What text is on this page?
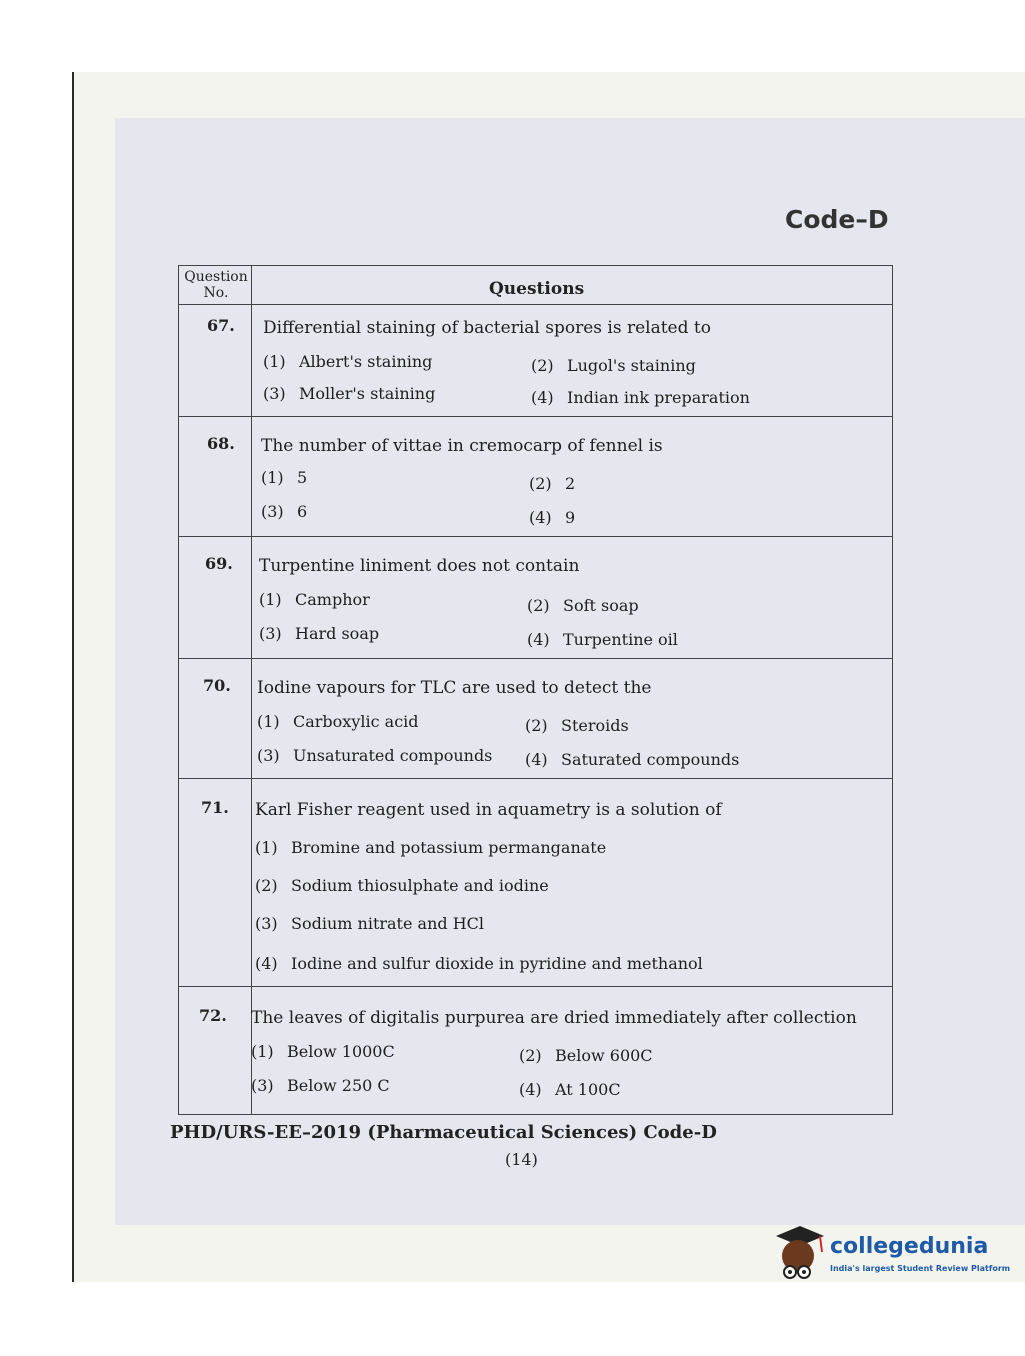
Code–D
Question No.	Questions
67. Differential staining of bacterial spores is related to
(1) Albert's staining	(2) Lugol's staining
(3) Moller's staining	(4) Indian ink preparation
68. The number of vittae in cremocarp of fennel is
(1) 5	(2) 2
(3) 6	(4) 9
69. Turpentine liniment does not contain
(1) Camphor	(2) Soft soap
(3) Hard soap	(4) Turpentine oil
70. Iodine vapours for TLC are used to detect the
(1) Carboxylic acid	(2) Steroids
(3) Unsaturated compounds (4) Saturated compounds
71. Karl Fisher reagent used in aquametry is a solution of
(1) Bromine and potassium permanganate
(2) Sodium thiosulphate and iodine
(3) Sodium nitrate and HCl
(4) Iodine and sulfur dioxide in pyridine and methanol
72. The leaves of digitalis purpurea are dried immediately after collection
(1) Below 1000C	(2) Below 600C
(3) Below 250 C	(4) At 100C
PHD/URS-EE–2019 (Pharmaceutical Sciences) Code-D
(14)
collegedunia
India's largest Student Review Platform
